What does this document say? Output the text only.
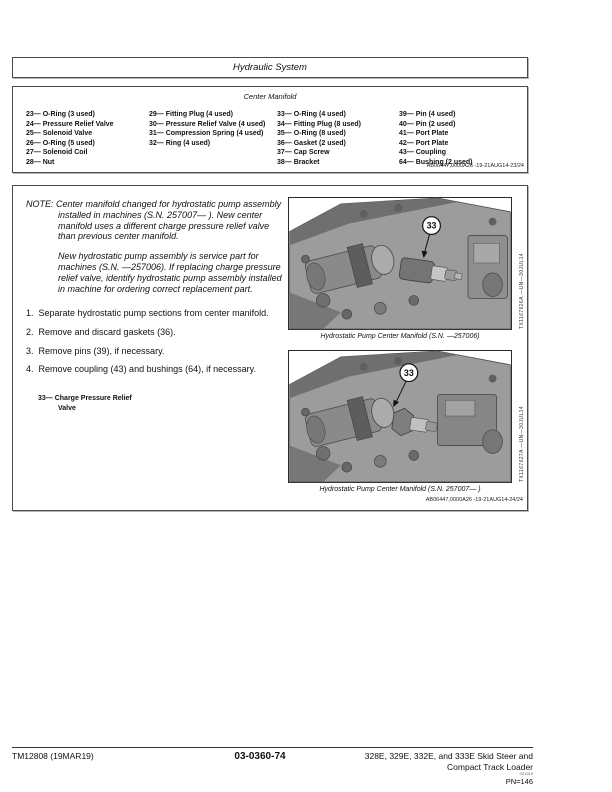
Hydraulic System
Center Manifold
23— O-Ring (3 used)
24— Pressure Relief Valve
25— Solenoid Valve
26— O-Ring (5 used)
27— Solenoid Coil
28— Nut
29— Fitting Plug (4 used)
30— Pressure Relief Valve (4 used)
31— Compression Spring (4 used)
32— Ring (4 used)
33— O-Ring (4 used)
34— Fitting Plug (8 used)
35— O-Ring (8 used)
36— Gasket (2 used)
37— Cap Screw
38— Bracket
39— Pin (4 used)
40— Pin (2 used)
41— Port Plate
42— Port Plate
43— Coupling
64— Bushing (2 used)
AB06447,0000A26 -19-21AUG14-23/24

NOTE: Center manifold changed for hydrostatic pump assembly installed in machines (S.N. 257007— ). New center manifold uses a different charge pressure relief valve than previous center manifold.

New hydrostatic pump assembly is service part for machines (S.N. —257006). If replacing charge pressure relief valve, identify hydrostatic pump assembly installed in machine for ordering correct replacement part.

1. Separate hydrostatic pump sections from center manifold.
2. Remove and discard gaskets (36).
3. Remove pins (39), if necessary.
4. Remove coupling (43) and bushings (64), if necessary.
33— Charge Pressure Relief
Valve
33
TX1167626A —UN—30JUL14
Hydrostatic Pump Center Manifold (S.N. —257006)
33
TX1167627A —UN—30JUL14
Hydrostatic Pump Center Manifold (S.N. 257007— )
AB06447,0000A26 -19-21AUG14-24/24
TM12808 (19MAR19)	03-0360-74	328E, 329E, 332E, and 333E Skid Steer and
Compact Track Loader
031919
PN=146
